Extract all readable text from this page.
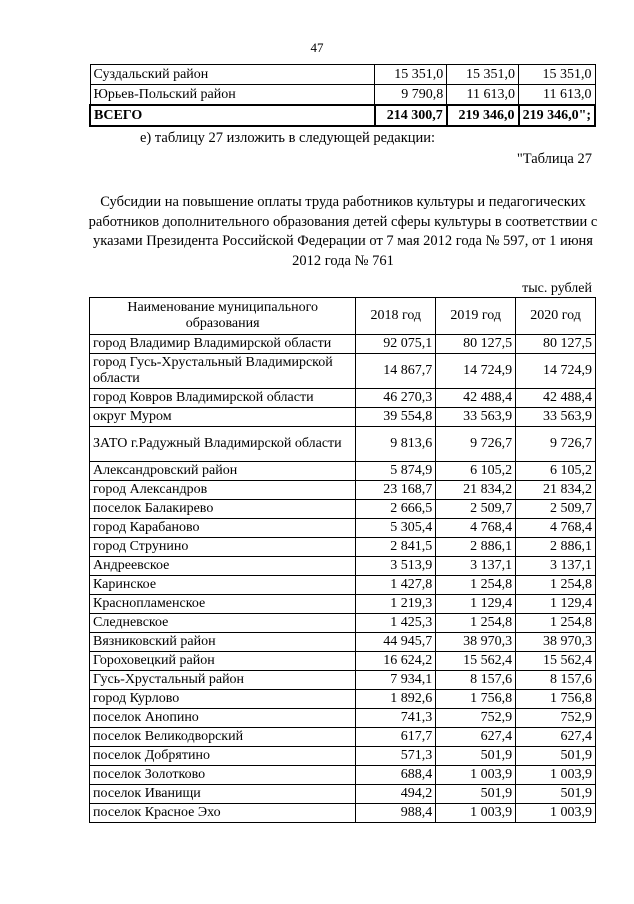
47
Суздальский район	15 351,0	15 351,0	15 351,0
Юрьев-Польский район	9 790,8	11 613,0	11 613,0
ВСЕГО	214 300,7	219 346,0	219 346,0";
е) таблицу 27 изложить в следующей редакции:
"Таблица 27
Субсидии на повышение оплаты труда работников культуры и педагогических работников дополнительного образования детей сферы культуры в соответствии с указами Президента Российской Федерации от 7 мая 2012 года № 597, от 1 июня 2012 года № 761
тыс. рублей
Наименование муниципального образования	2018 год	2019 год	2020 год
город Владимир Владимирской области	92 075,1	80 127,5	80 127,5
город Гусь-Хрустальный Владимирской области	14 867,7	14 724,9	14 724,9
город Ковров Владимирской области	46 270,3	42 488,4	42 488,4
округ Муром	39 554,8	33 563,9	33 563,9
ЗАТО г.Радужный Владимирской области	9 813,6	9 726,7	9 726,7
Александровский район	5 874,9	6 105,2	6 105,2
город Александров	23 168,7	21 834,2	21 834,2
поселок Балакирево	2 666,5	2 509,7	2 509,7
город Карабаново	5 305,4	4 768,4	4 768,4
город Струнино	2 841,5	2 886,1	2 886,1
Андреевское	3 513,9	3 137,1	3 137,1
Каринское	1 427,8	1 254,8	1 254,8
Краснопламенское	1 219,3	1 129,4	1 129,4
Следневское	1 425,3	1 254,8	1 254,8
Вязниковский район	44 945,7	38 970,3	38 970,3
Гороховецкий район	16 624,2	15 562,4	15 562,4
Гусь-Хрустальный район	7 934,1	8 157,6	8 157,6
город Курлово	1 892,6	1 756,8	1 756,8
поселок Анопино	741,3	752,9	752,9
поселок Великодворский	617,7	627,4	627,4
поселок Добрятино	571,3	501,9	501,9
поселок Золотково	688,4	1 003,9	1 003,9
поселок Иванищи	494,2	501,9	501,9
поселок Красное Эхо	988,4	1 003,9	1 003,9
